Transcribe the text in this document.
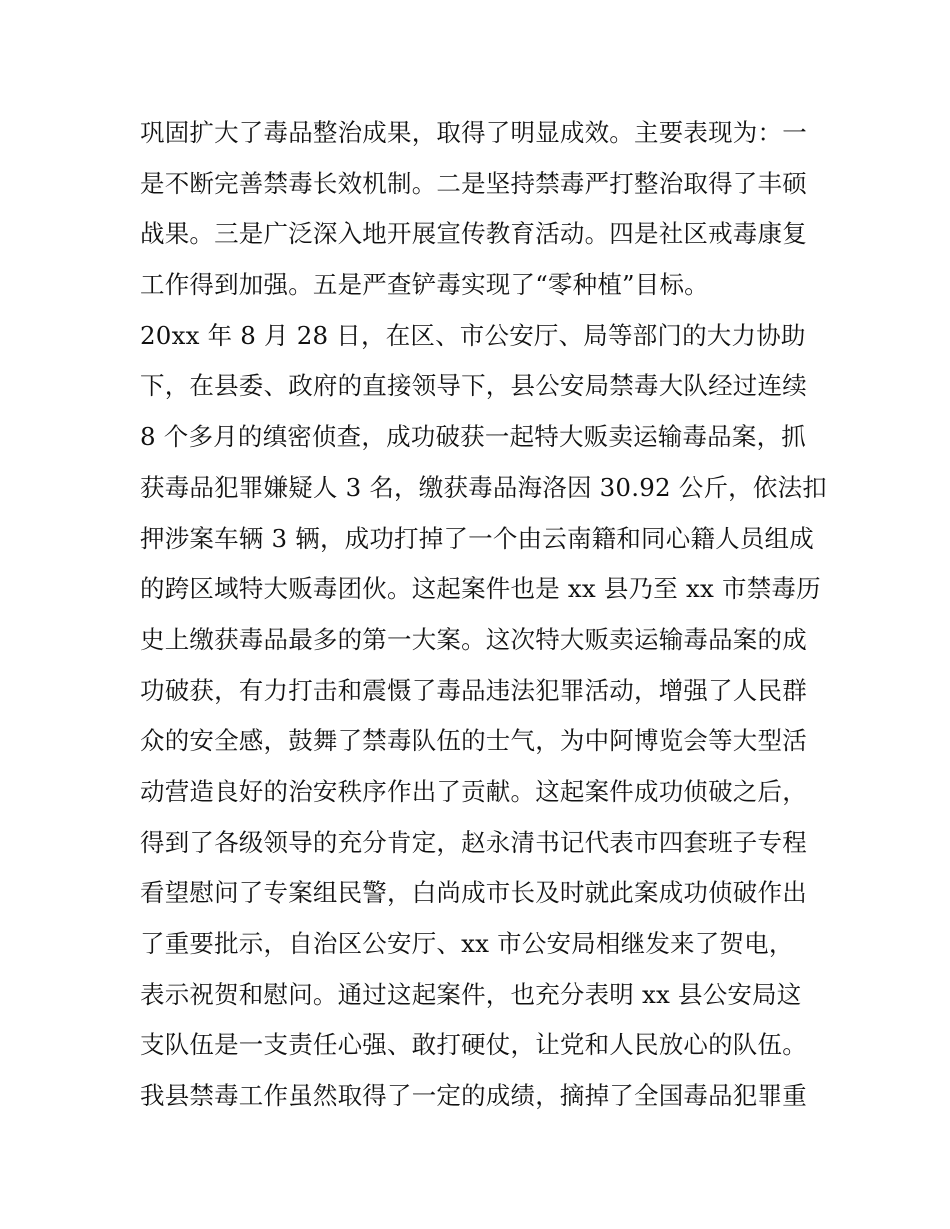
巩固扩大了毒品整治成果，取得了明显成效。主要表现为：一
是不断完善禁毒长效机制。二是坚持禁毒严打整治取得了丰硕
战果。三是广泛深入地开展宣传教育活动。四是社区戒毒康复
工作得到加强。五是严查铲毒实现了“零种植”目标。
20xx 年 8 月 28 日，在区、市公安厅、局等部门的大力协助
下，在县委、政府的直接领导下，县公安局禁毒大队经过连续
8 个多月的缜密侦查，成功破获一起特大贩卖运输毒品案，抓
获毒品犯罪嫌疑人 3 名，缴获毒品海洛因 30.92 公斤，依法扣
押涉案车辆 3 辆，成功打掉了一个由云南籍和同心籍人员组成
的跨区域特大贩毒团伙。这起案件也是 xx 县乃至 xx 市禁毒历
史上缴获毒品最多的第一大案。这次特大贩卖运输毒品案的成
功破获，有力打击和震慑了毒品违法犯罪活动，增强了人民群
众的安全感，鼓舞了禁毒队伍的士气，为中阿博览会等大型活
动营造良好的治安秩序作出了贡献。这起案件成功侦破之后，
得到了各级领导的充分肯定，赵永清书记代表市四套班子专程
看望慰问了专案组民警，白尚成市长及时就此案成功侦破作出
了重要批示，自治区公安厅、xx 市公安局相继发来了贺电，
表示祝贺和慰问。通过这起案件，也充分表明 xx 县公安局这
支队伍是一支责任心强、敢打硬仗，让党和人民放心的队伍。
我县禁毒工作虽然取得了一定的成绩，摘掉了全国毒品犯罪重
